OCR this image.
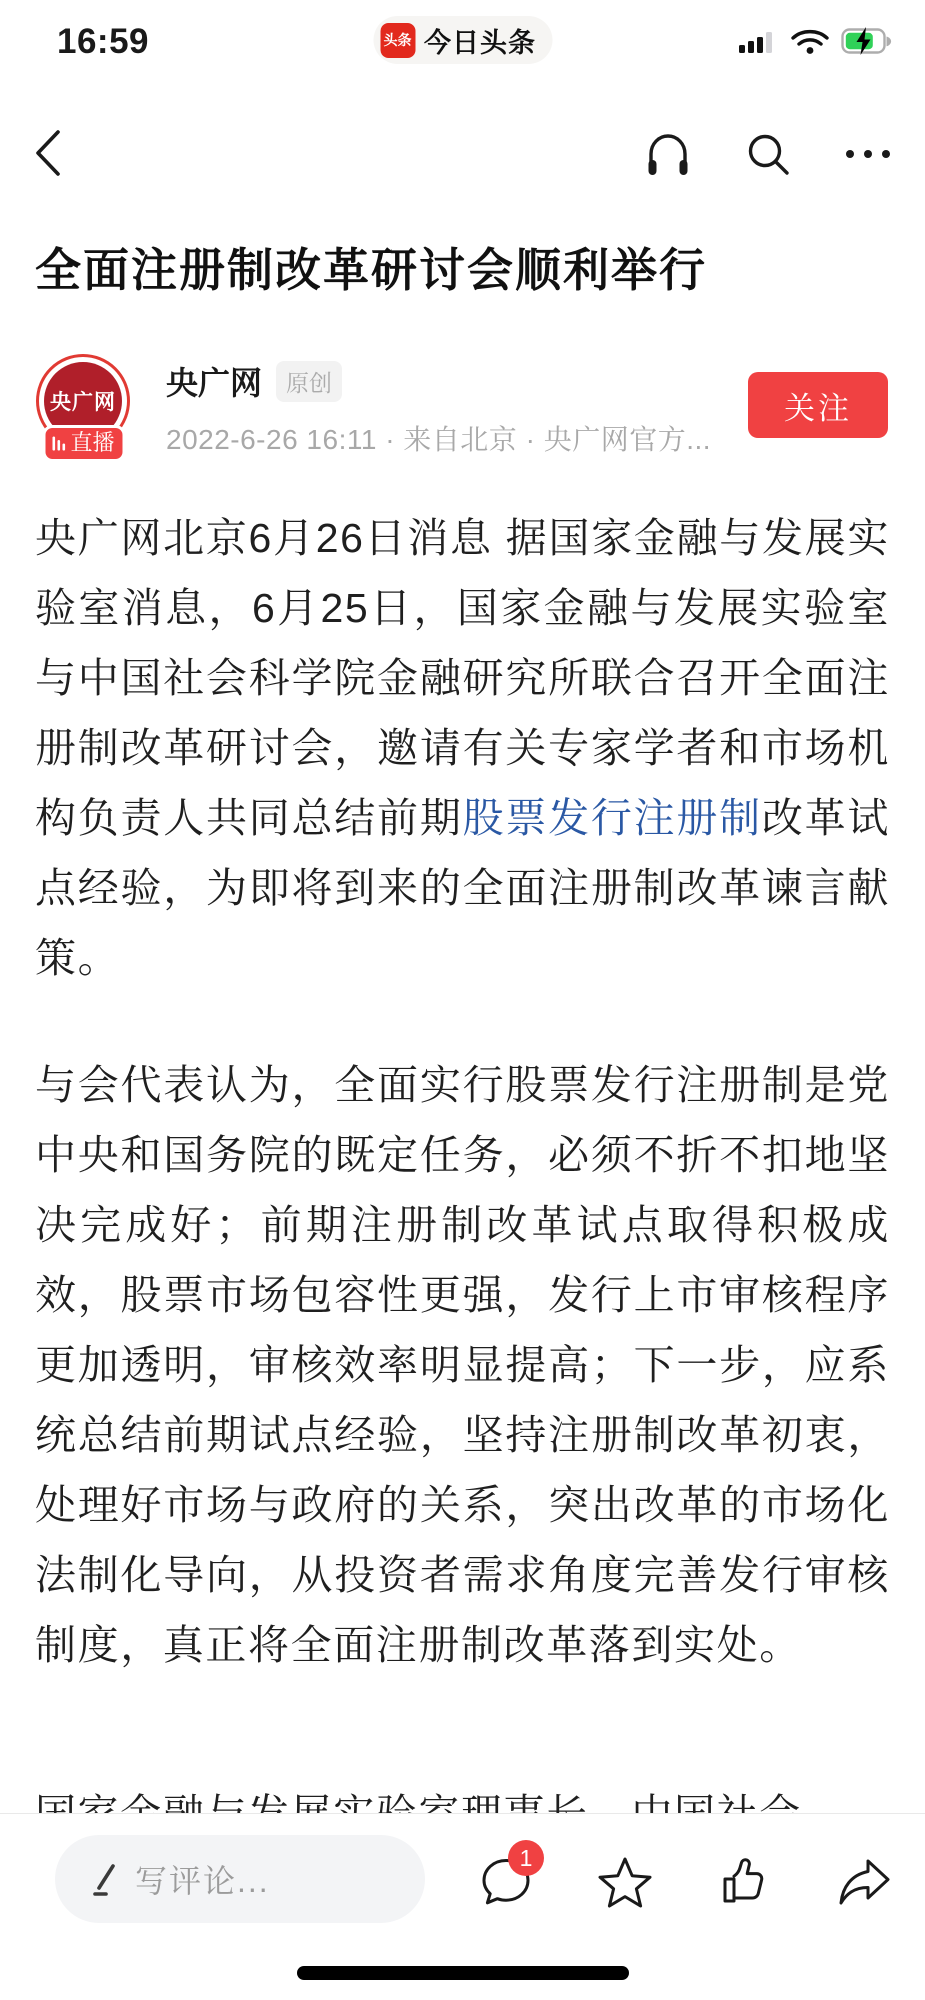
16:59	头条 今日头条
全面注册制改革研讨会顺利举行
央广网
直播
央广网	原创
2022-6-26 16:11 · 来自北京 · 央广网官方...
关注

央广网北京6月26日消息 据国家金融与发展实验室消息，6月25日，国家金融与发展实验室与中国社会科学院金融研究所联合召开全面注册制改革研讨会，邀请有关专家学者和市场机构负责人共同总结前期股票发行注册制改革试点经验，为即将到来的全面注册制改革谏言献策。

与会代表认为，全面实行股票发行注册制是党中央和国务院的既定任务，必须不折不扣地坚决完成好；前期注册制改革试点取得积极成效，股票市场包容性更强，发行上市审核程序更加透明，审核效率明显提高；下一步，应系统总结前期试点经验，坚持注册制改革初衷，处理好市场与政府的关系，突出改革的市场化法制化导向，从投资者需求角度完善发行审核制度，真正将全面注册制改革落到实处。

写评论...
1
